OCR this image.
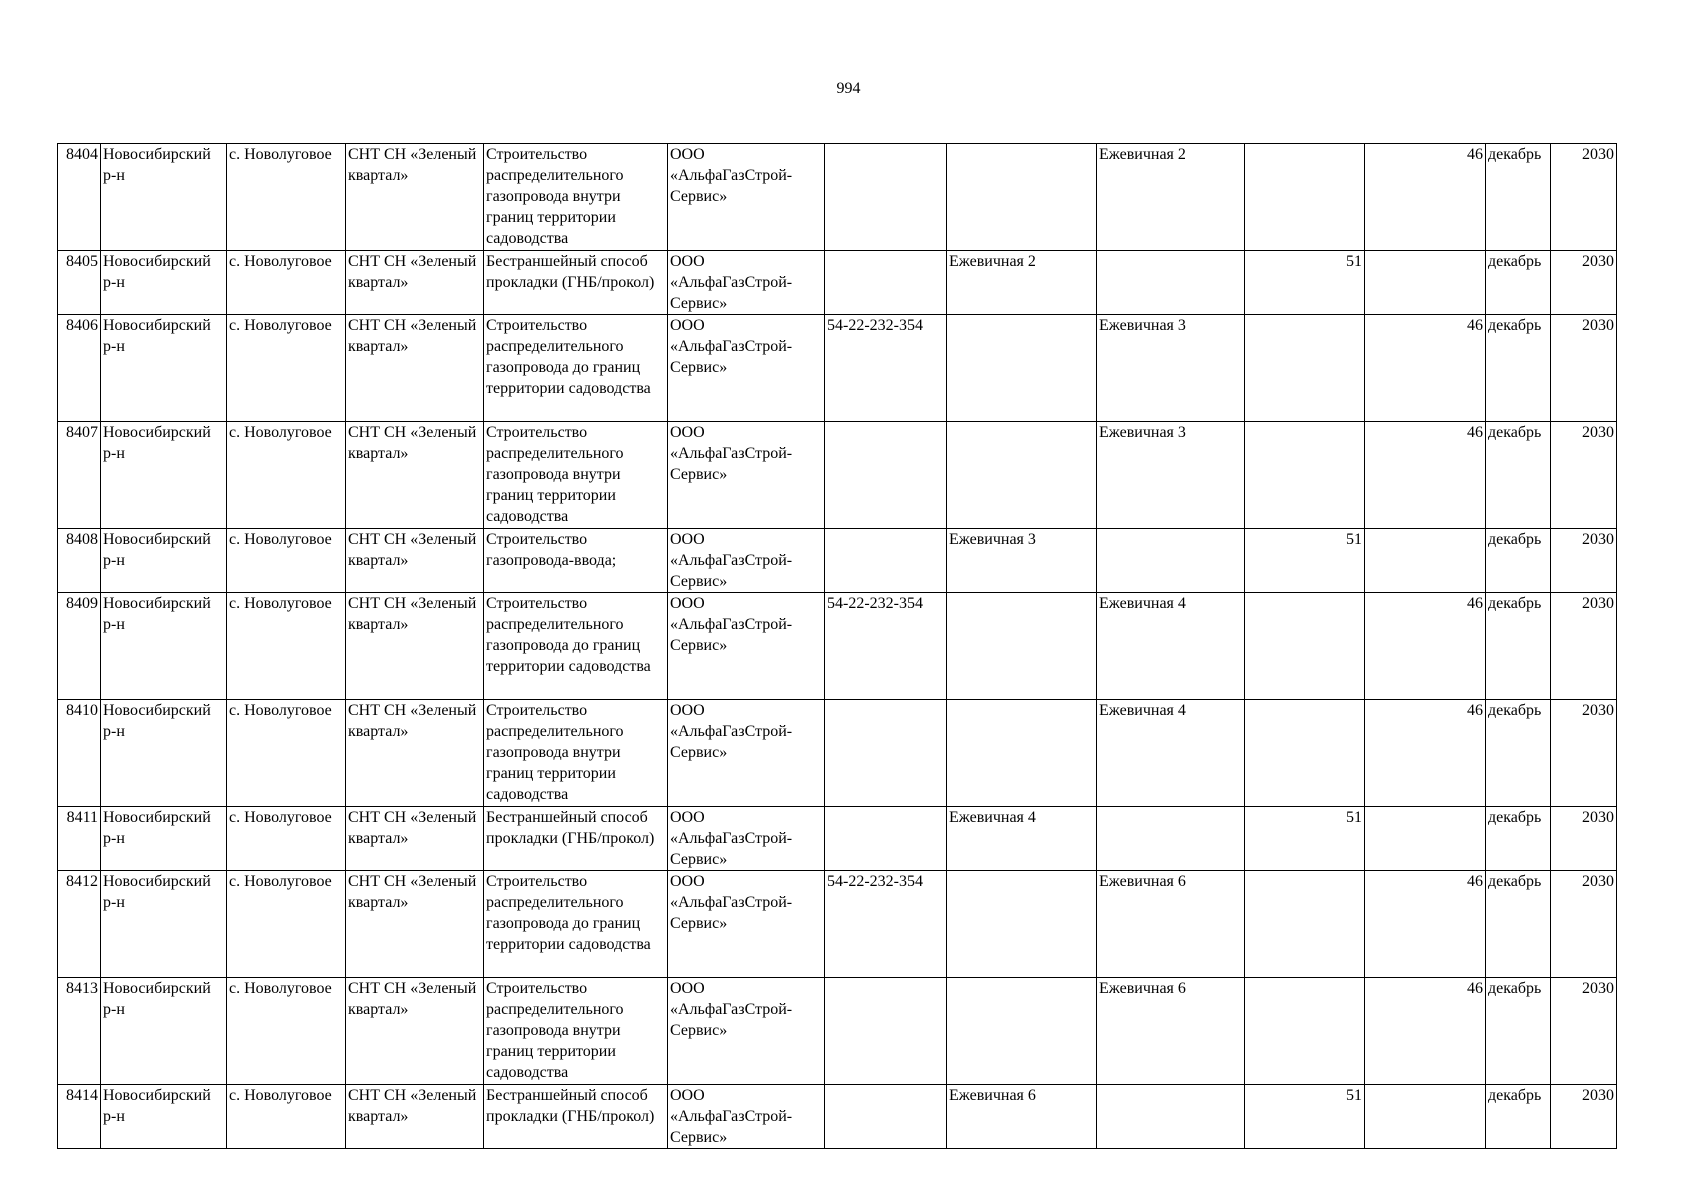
994
8404	Новосибирский р-н	с. Новолуговое	СНТ СН «Зеленый квартал»	Строительство распределительного газопровода внутри границ территории садоводства	ООО «АльфаГазСтрой-Сервис»			Ежевичная 2		46	декабрь	2030
8405	Новосибирский р-н	с. Новолуговое	СНТ СН «Зеленый квартал»	Бестраншейный способ прокладки (ГНБ/прокол)	ООО «АльфаГазСтрой-Сервис»		Ежевичная 2		51		декабрь	2030
8406	Новосибирский р-н	с. Новолуговое	СНТ СН «Зеленый квартал»	Строительство распределительного газопровода до границ территории садоводства	ООО «АльфаГазСтрой-Сервис»	54-22-232-354		Ежевичная 3		46	декабрь	2030
8407	Новосибирский р-н	с. Новолуговое	СНТ СН «Зеленый квартал»	Строительство распределительного газопровода внутри границ территории садоводства	ООО «АльфаГазСтрой-Сервис»			Ежевичная 3		46	декабрь	2030
8408	Новосибирский р-н	с. Новолуговое	СНТ СН «Зеленый квартал»	Строительство газопровода-ввода;	ООО «АльфаГазСтрой-Сервис»		Ежевичная 3		51		декабрь	2030
8409	Новосибирский р-н	с. Новолуговое	СНТ СН «Зеленый квартал»	Строительство распределительного газопровода до границ территории садоводства	ООО «АльфаГазСтрой-Сервис»	54-22-232-354		Ежевичная 4		46	декабрь	2030
8410	Новосибирский р-н	с. Новолуговое	СНТ СН «Зеленый квартал»	Строительство распределительного газопровода внутри границ территории садоводства	ООО «АльфаГазСтрой-Сервис»			Ежевичная 4		46	декабрь	2030
8411	Новосибирский р-н	с. Новолуговое	СНТ СН «Зеленый квартал»	Бестраншейный способ прокладки (ГНБ/прокол)	ООО «АльфаГазСтрой-Сервис»		Ежевичная 4		51		декабрь	2030
8412	Новосибирский р-н	с. Новолуговое	СНТ СН «Зеленый квартал»	Строительство распределительного газопровода до границ территории садоводства	ООО «АльфаГазСтрой-Сервис»	54-22-232-354		Ежевичная 6		46	декабрь	2030
8413	Новосибирский р-н	с. Новолуговое	СНТ СН «Зеленый квартал»	Строительство распределительного газопровода внутри границ территории садоводства	ООО «АльфаГазСтрой-Сервис»			Ежевичная 6		46	декабрь	2030
8414	Новосибирский р-н	с. Новолуговое	СНТ СН «Зеленый квартал»	Бестраншейный способ прокладки (ГНБ/прокол)	ООО «АльфаГазСтрой-Сервис»		Ежевичная 6		51		декабрь	2030
